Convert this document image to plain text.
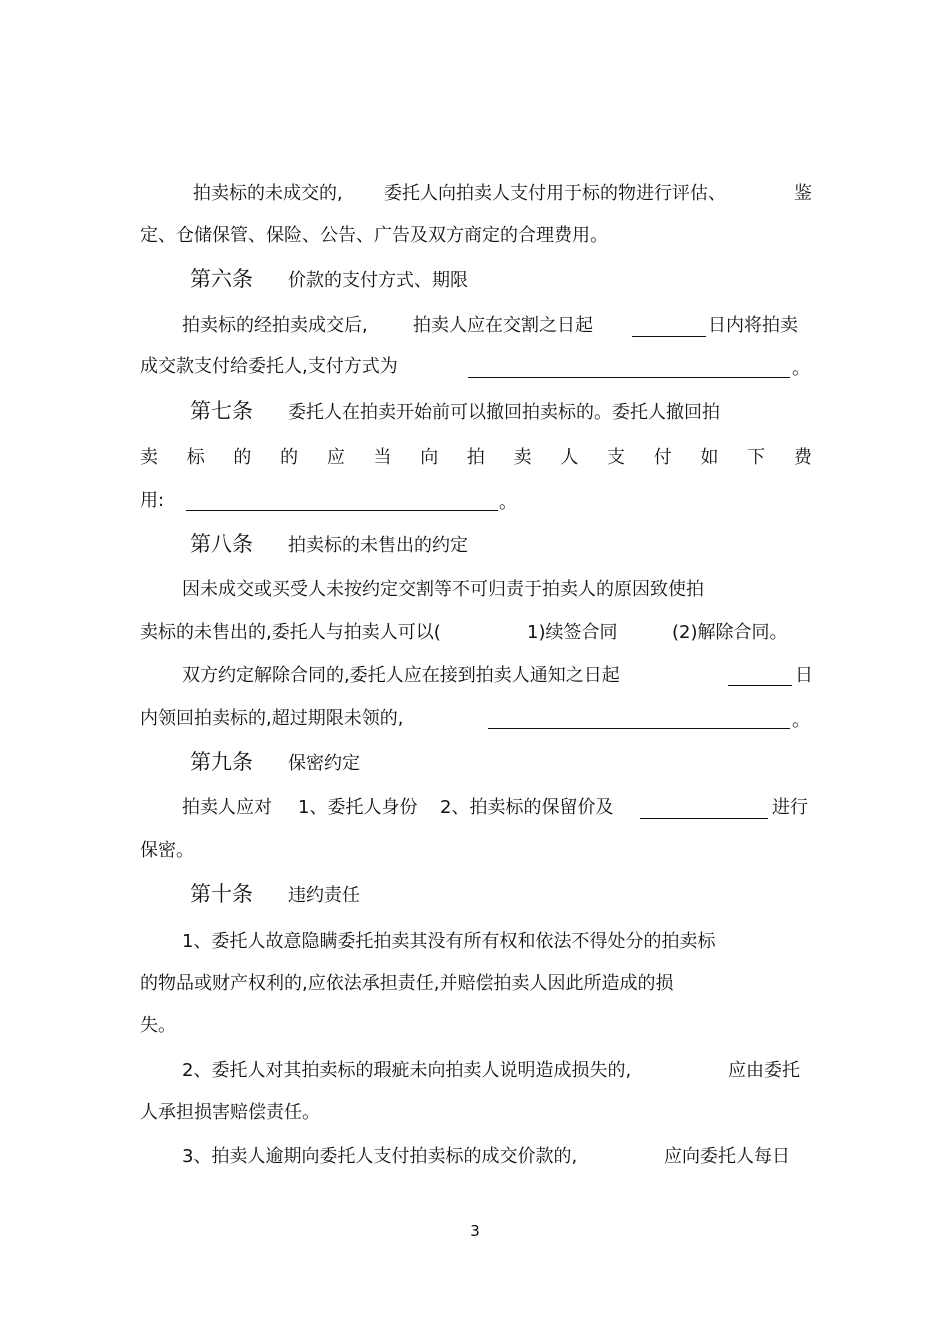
拍卖标的未成交的, 委托人向拍卖人支付用于标的物进行评估、	鉴
定、仓储保管、保险、公告、广告及双方商定的合理费用。
第六条 价款的支付方式、期限
拍卖标的经拍卖成交后,	拍卖人应在交割之日起	日内将拍卖
成交款支付给委托人,支付方式为	。
第七条 委托人在拍卖开始前可以撤回拍卖标的。委托人撤回拍
卖 标 的 的 应 当 向 拍 卖 人 支 付 如 下 费
用:	。
第八条 拍卖标的未售出的约定
因未成交或买受人未按约定交割等不可归责于拍卖人的原因致使拍
卖标的未售出的,委托人与拍卖人可以(	1)续签合同	(2)解除合同。
双方约定解除合同的,委托人应在接到拍卖人通知之日起	日
内领回拍卖标的,超过期限未领的,	。
第九条 保密约定
拍卖人应对 1、委托人身份 2、拍卖标的保留价及	进行
保密。
第十条 违约责任
1、委托人故意隐瞒委托拍卖其没有所有权和依法不得处分的拍卖标
的物品或财产权利的,应依法承担责任,并赔偿拍卖人因此所造成的损
失。
2、委托人对其拍卖标的瑕疵未向拍卖人说明造成损失的,	应由委托
人承担损害赔偿责任。
3、拍卖人逾期向委托人支付拍卖标的成交价款的,	应向委托人每日
3
